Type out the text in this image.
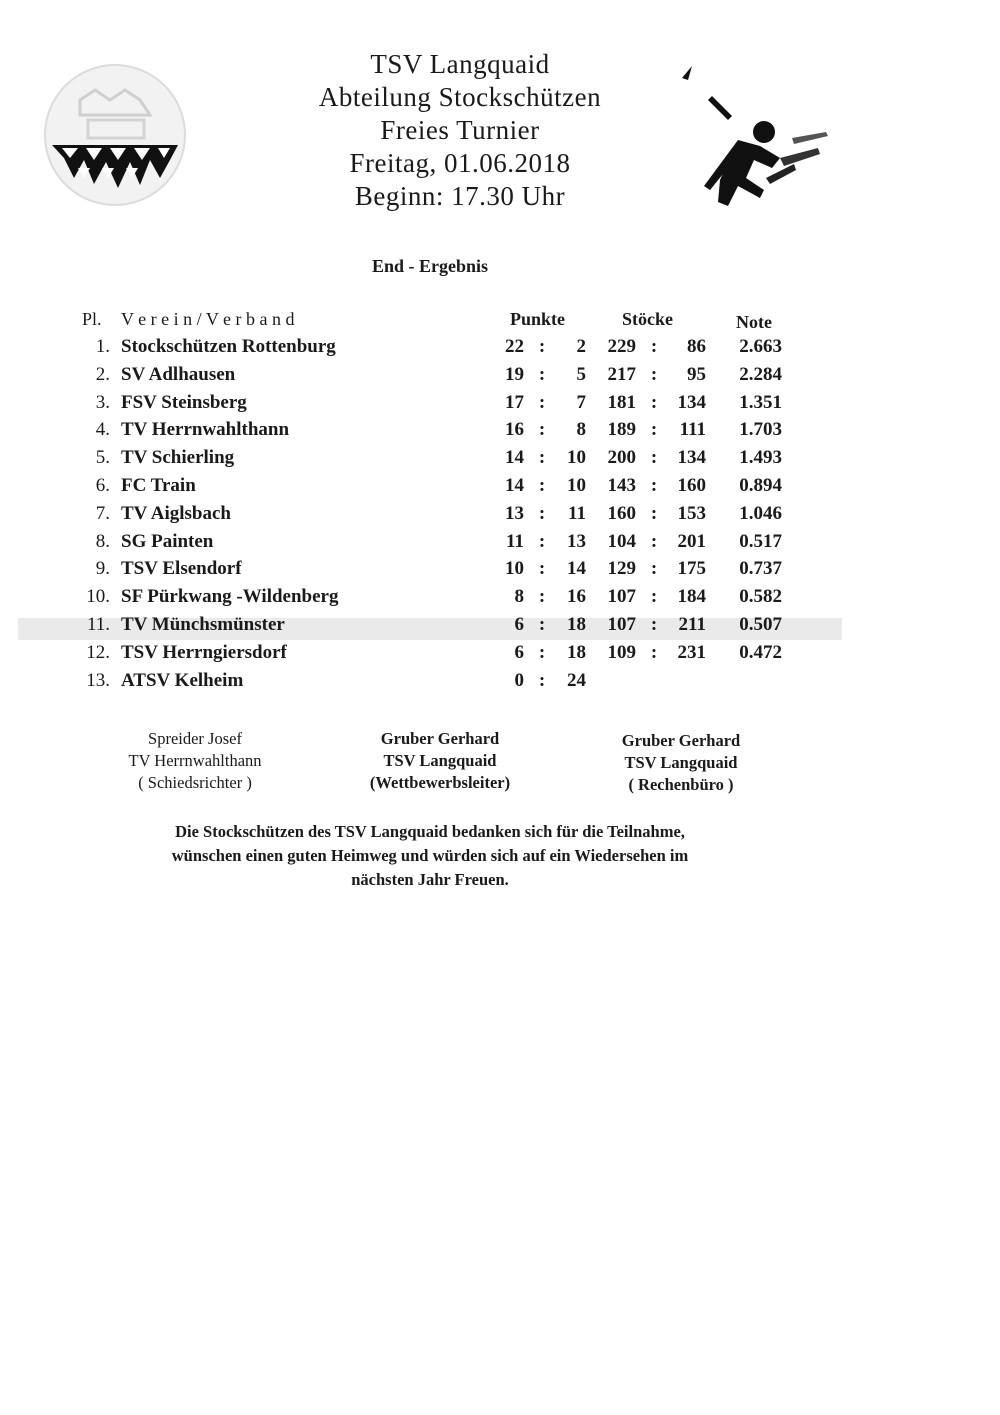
TSV Langquaid
Abteilung Stockschützen
Freies Turnier
Freitag, 01.06.2018
Beginn: 17.30 Uhr
End - Ergebnis
Pl. V e r e i n / V e r b a n d	Punkte	Stöcke	Note
1. Stockschützen Rottenburg	22 :	2	229 :	86	2.663
2. SV Adlhausen	19 :	5	217 :	95	2.284
3. FSV Steinsberg	17 :	7	181 :	134	1.351
4. TV Herrnwahlthann	16 :	8	189 :	111	1.703
5. TV Schierling	14 :	10	200 :	134	1.493
6. FC Train	14 :	10	143 :	160	0.894
7. TV Aiglsbach	13 :	11	160 :	153	1.046
8. SG Painten	11 :	13	104 :	201	0.517
9. TSV Elsendorf	10 :	14	129 :	175	0.737
10. SF Pürkwang -Wildenberg	8 :	16	107 :	184	0.582
11. TV Münchsmünster	6 :	18	107 :	211	0.507
12. TSV Herrngiersdorf	6 :	18	109 :	231	0.472
13. ATSV Kelheim	0 :	24
Spreider Josef
TV Herrnwahlthann
( Schiedsrichter )
Gruber Gerhard
TSV Langquaid
(Wettbewerbsleiter)
Gruber Gerhard
TSV Langquaid
( Rechenbüro )
Die Stockschützen des TSV Langquaid bedanken sich für die Teilnahme,
wünschen einen guten Heimweg und würden sich auf ein Wiedersehen im
nächsten Jahr Freuen.
